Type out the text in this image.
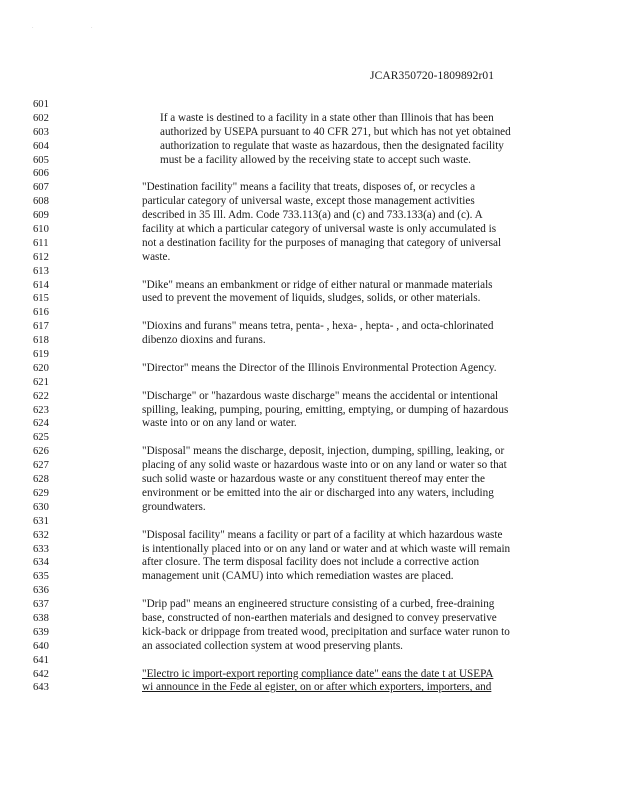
. .
JCAR350720-1809892r01
601
602	If a waste is destined to a facility in a state other than Illinois that has been
603	authorized by USEPA pursuant to 40 CFR 271, but which has not yet obtained
604	authorization to regulate that waste as hazardous, then the designated facility
605	must be a facility allowed by the receiving state to accept such waste.
606
607	"Destination facility" means a facility that treats, disposes of, or recycles a
608	particular category of universal waste, except those management activities
609	described in 35 Ill. Adm. Code 733.113(a) and (c) and 733.133(a) and (c). A
610	facility at which a particular category of universal waste is only accumulated is
611	not a destination facility for the purposes of managing that category of universal
612	waste.
613
614	"Dike" means an embankment or ridge of either natural or manmade materials
615	used to prevent the movement of liquids, sludges, solids, or other materials.
616
617	"Dioxins and furans" means tetra, penta- , hexa- , hepta- , and octa-chlorinated
618	dibenzo dioxins and furans.
619
620	"Director" means the Director of the Illinois Environmental Protection Agency.
621
622	"Discharge" or "hazardous waste discharge" means the accidental or intentional
623	spilling, leaking, pumping, pouring, emitting, emptying, or dumping of hazardous
624	waste into or on any land or water.
625
626	"Disposal" means the discharge, deposit, injection, dumping, spilling, leaking, or
627	placing of any solid waste or hazardous waste into or on any land or water so that
628	such solid waste or hazardous waste or any constituent thereof may enter the
629	environment or be emitted into the air or discharged into any waters, including
630	groundwaters.
631
632	"Disposal facility" means a facility or part of a facility at which hazardous waste
633	is intentionally placed into or on any land or water and at which waste will remain
634	after closure. The term disposal facility does not include a corrective action
635	management unit (CAMU) into which remediation wastes are placed.
636
637	"Drip pad" means an engineered structure consisting of a curbed, free-draining
638	base, constructed of non-earthen materials and designed to convey preservative
639	kick-back or drippage from treated wood, precipitation and surface water runon to
640	an associated collection system at wood preserving plants.
641
642	"Electro ic import-export reporting compliance date" eans the date t at USEPA
643	wi announce in the Fede al egister, on or after which exporters, importers, and
